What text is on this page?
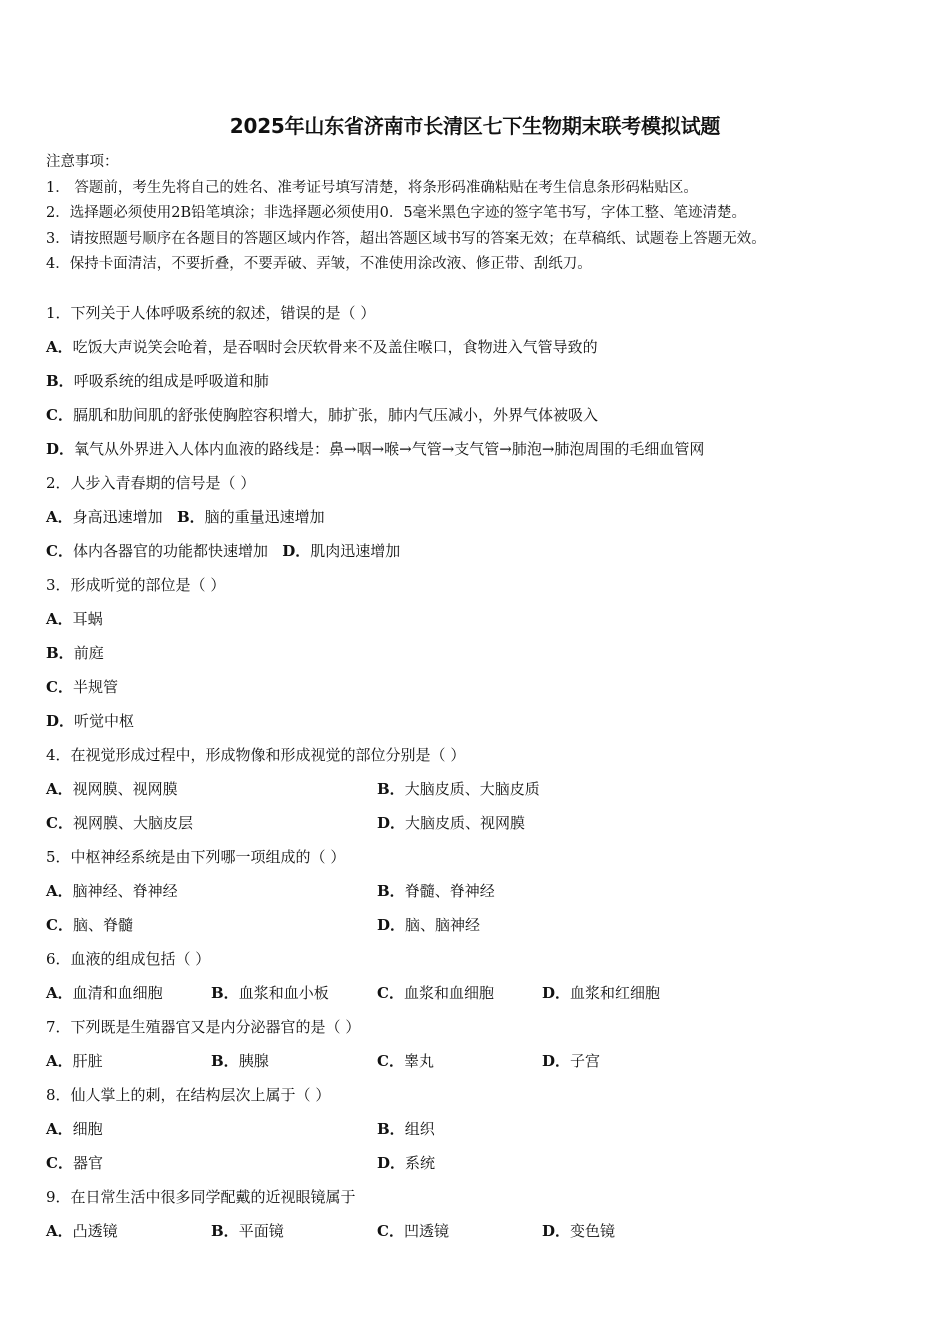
2025年山东省济南市长清区七下生物期末联考模拟试题
注意事项：
1． 答题前，考生先将自己的姓名、准考证号填写清楚，将条形码准确粘贴在考生信息条形码粘贴区。
2．选择题必须使用2B铅笔填涂；非选择题必须使用0．5毫米黑色字迹的签字笔书写，字体工整、笔迹清楚。
3．请按照题号顺序在各题目的答题区域内作答，超出答题区域书写的答案无效；在草稿纸、试题卷上答题无效。
4．保持卡面清洁，不要折叠，不要弄破、弄皱，不准使用涂改液、修正带、刮纸刀。
1．下列关于人体呼吸系统的叙述，错误的是（ ）
A．吃饭大声说笑会呛着，是吞咽时会厌软骨来不及盖住喉口，食物进入气管导致的
B．呼吸系统的组成是呼吸道和肺
C．膈肌和肋间肌的舒张使胸腔容积增大，肺扩张，肺内气压减小，外界气体被吸入
D．氧气从外界进入人体内血液的路线是：鼻→咽→喉→气管→支气管→肺泡→肺泡周围的毛细血管网
2．人步入青春期的信号是（ ）
A．身高迅速增加 B．脑的重量迅速增加
C．体内各器官的功能都快速增加 D．肌肉迅速增加
3．形成听觉的部位是（ ）
A．耳蜗
B．前庭
C．半规管
D．听觉中枢
4．在视觉形成过程中，形成物像和形成视觉的部位分别是（ ）
A．视网膜、视网膜	B．大脑皮质、大脑皮质
C．视网膜、大脑皮层	D．大脑皮质、视网膜
5．中枢神经系统是由下列哪一项组成的（ ）
A．脑神经、脊神经	B．脊髓、脊神经
C．脑、脊髓	D．脑、脑神经
6．血液的组成包括（ ）
A．血清和血细胞	B．血浆和血小板	C．血浆和血细胞	D．血浆和红细胞
7．下列既是生殖器官又是内分泌器官的是（ ）
A．肝脏	B．胰腺	C．睾丸	D．子宫
8．仙人掌上的刺，在结构层次上属于（ ）
A．细胞	B．组织
C．器官	D．系统
9．在日常生活中很多同学配戴的近视眼镜属于
A．凸透镜	B．平面镜	C．凹透镜	D．变色镜
